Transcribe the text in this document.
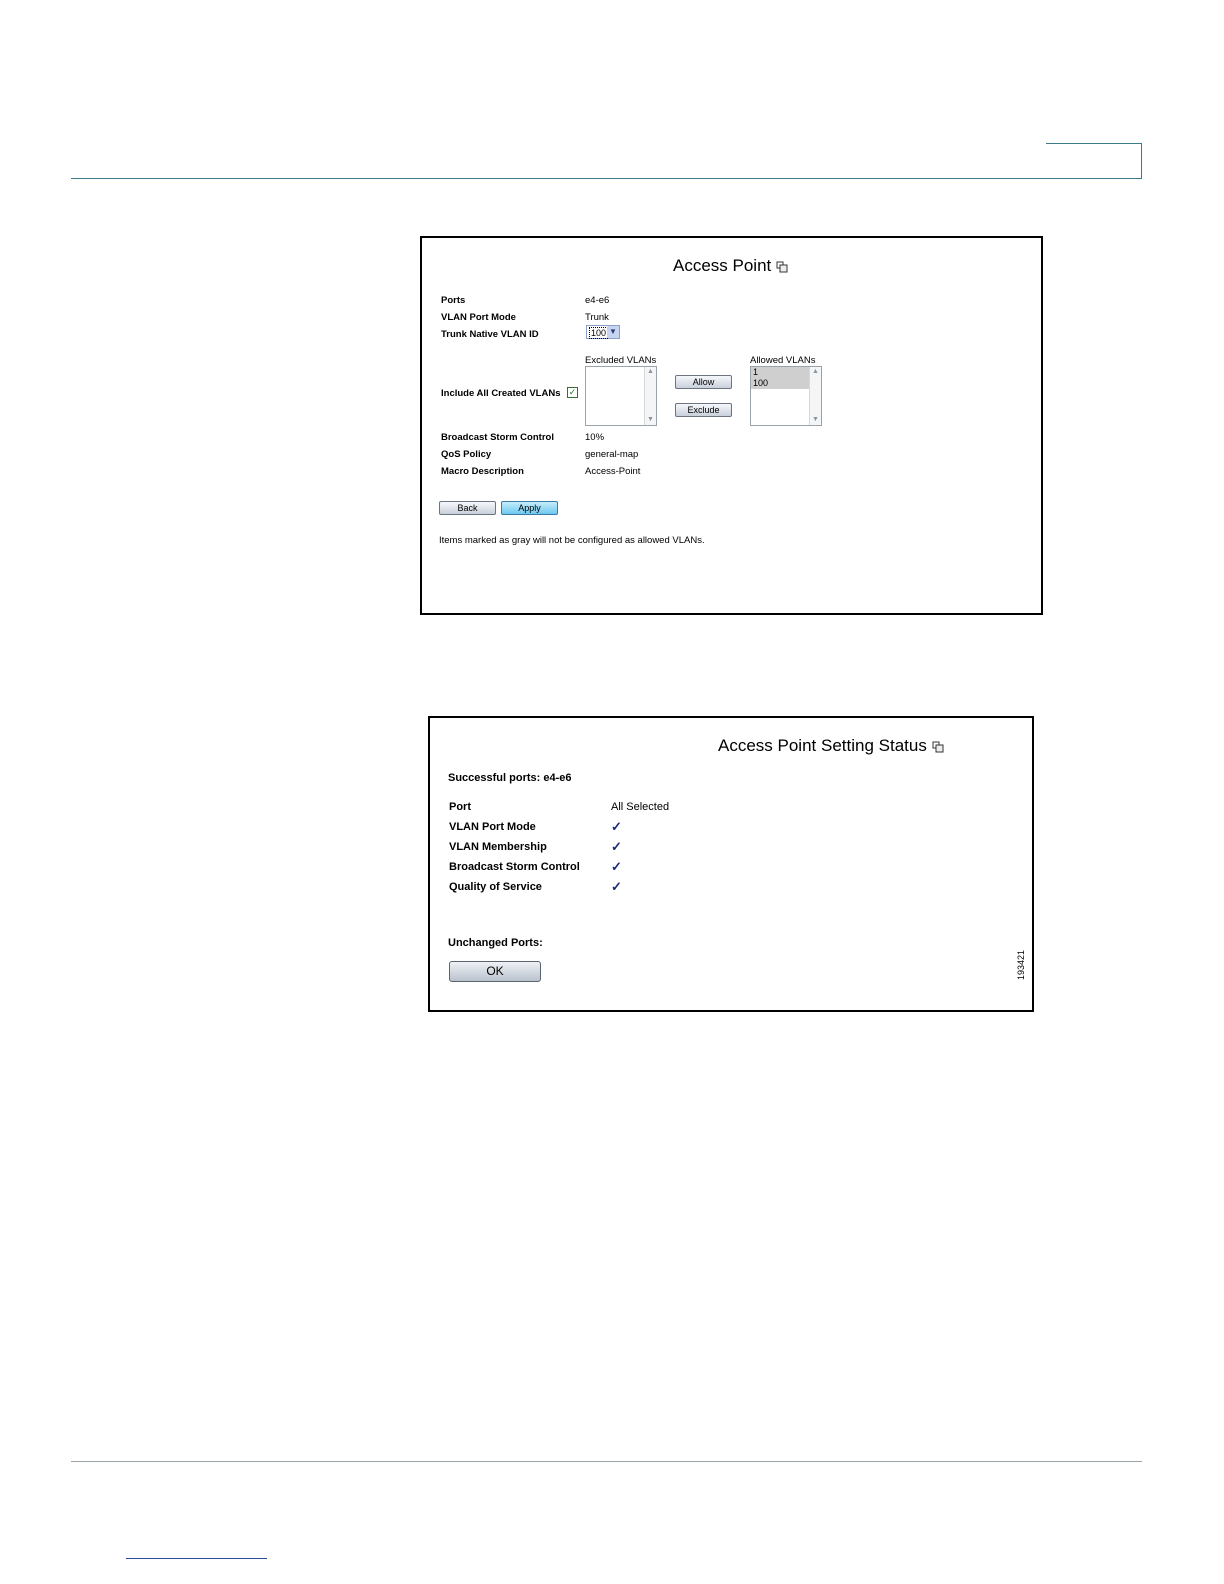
Access Point
Ports	e4-e6
VLAN Port Mode	Trunk
Trunk Native VLAN ID	100 ▼
Include All Created VLANs ✓
Excluded VLANs
▲
▼
Allow
Exclude
Allowed VLANs
1
100
▲
▼
Broadcast Storm Control	10%
QoS Policy	general-map
Macro Description	Access-Point
Back	Apply
Items marked as gray will not be configured as allowed VLANs.
Access Point Setting Status
Successful ports: e4-e6
Port	All Selected
VLAN Port Mode	✓
VLAN Membership	✓
Broadcast Storm Control ✓
Quality of Service	✓
Unchanged Ports:
OK	193421
